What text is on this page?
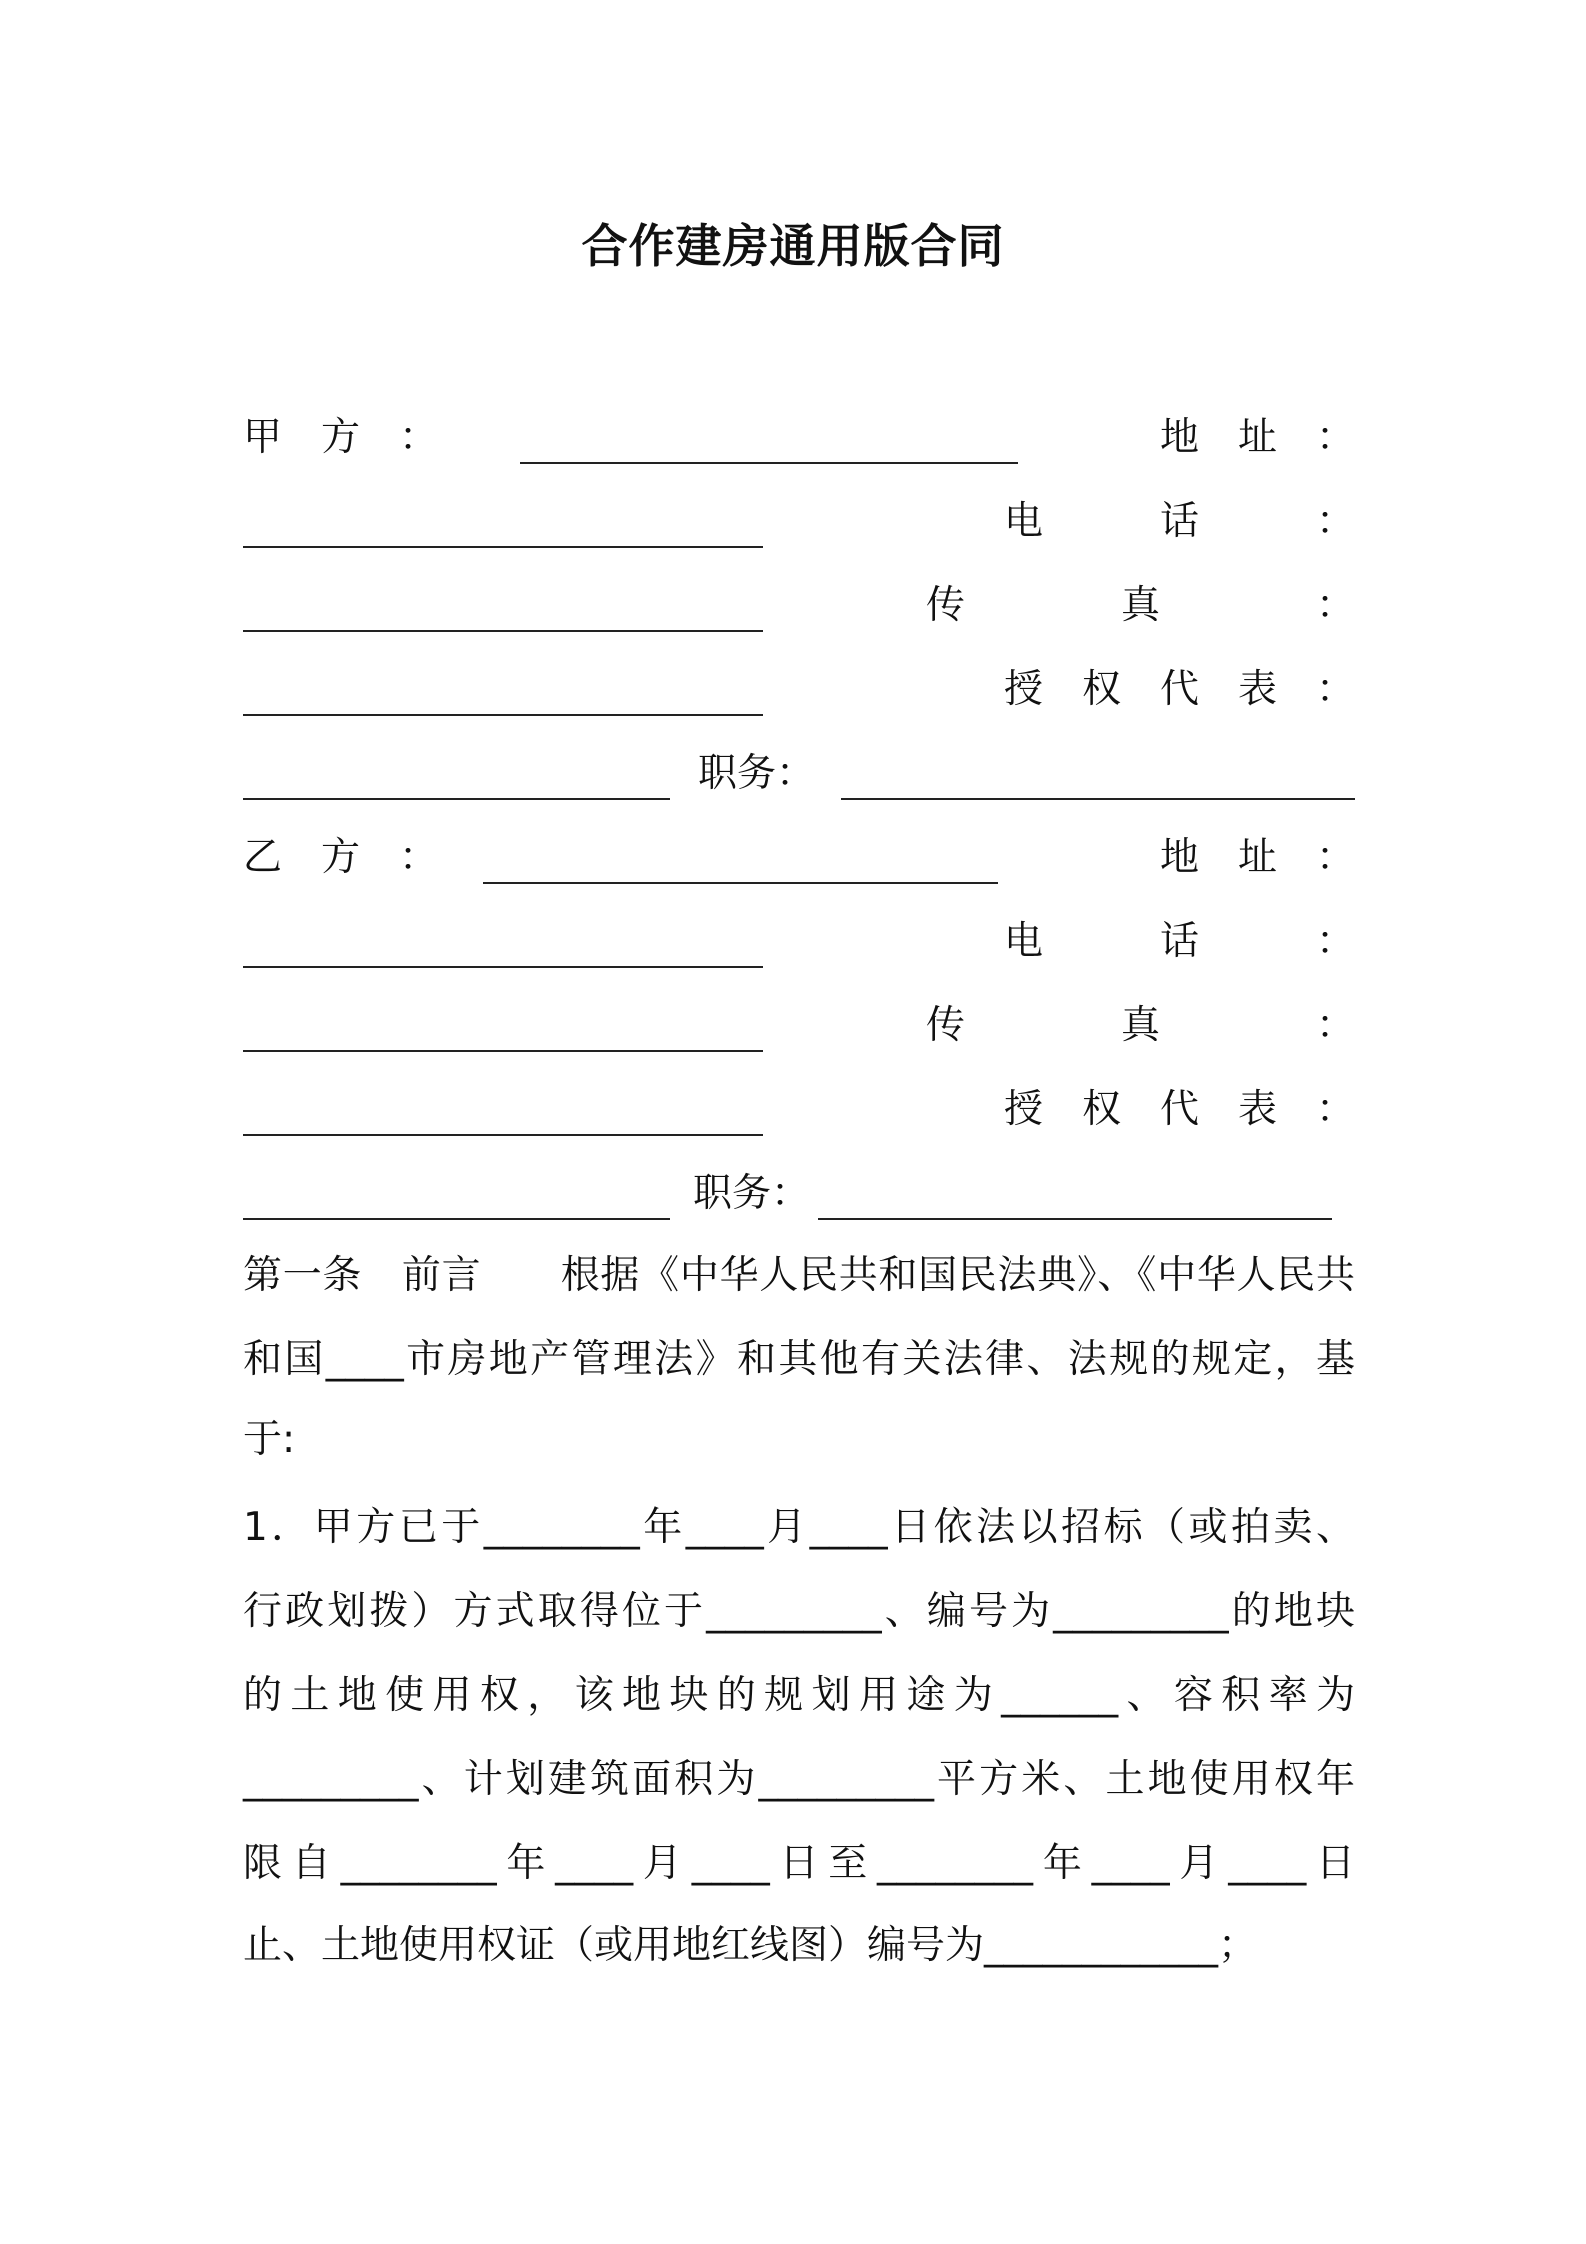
合作建房通用版合同

甲　方　：

	地　址　：

电　　　话　　　：

传　　　　真　　　　：

授　权　代　表　：

职务：

乙　方　：

	地　址　：

电　　　话　　　：

传　　　　真　　　　：

授　权　代　表　：

职务：

第一条　前言　　根据《中华人民共和国民法典》、《中华人民共
和国____市房地产管理法》和其他有关法律、法规的规定，基
于:
1．甲方已于________年____月____日依法以招标（或拍卖、
行政划拨）方式取得位于_________、编号为_________的地块
的土地使用权，该地块的规划用途为______、容积率为
_________、计划建筑面积为_________平方米、土地使用权年
限自________年____月____日至________年____月____日
止、土地使用权证（或用地红线图）编号为____________；
